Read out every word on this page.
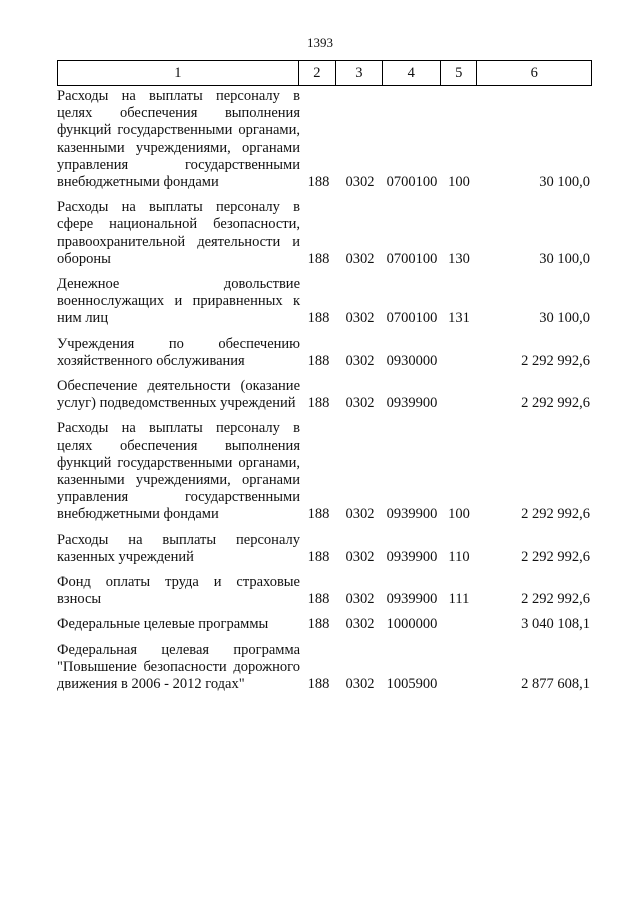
1393
1	2	3	4	5	6
Расходы на выплаты персоналу в целях обеспечения выполнения функций государственными органами, казенными учреждениями, органами управления государственными внебюджетными фондами	188	0302 0700100 100	30 100,0
Расходы на выплаты персоналу в сфере национальной безопасности, правоохранительной деятельности и обороны	188	0302 0700100 130	30 100,0
Денежное довольствие военнослужащих и приравненных к ним лиц	188	0302 0700100 131	30 100,0
Учреждения по обеспечению хозяйственного обслуживания	188	0302 0930000	2 292 992,6
Обеспечение деятельности (оказание услуг) подведомственных учреждений 188	0302 0939900	2 292 992,6
Расходы на выплаты персоналу в целях обеспечения выполнения функций государственными органами, казенными учреждениями, органами управления государственными внебюджетными фондами	188	0302 0939900 100	2 292 992,6
Расходы на выплаты персоналу казенных учреждений	188	0302 0939900 110	2 292 992,6
Фонд оплаты труда и страховые взносы	188	0302 0939900 111	2 292 992,6
Федеральные целевые программы	188	0302 1000000	3 040 108,1
Федеральная целевая программа "Повышение безопасности дорожного движения в 2006 - 2012 годах"	188	0302 1005900	2 877 608,1
